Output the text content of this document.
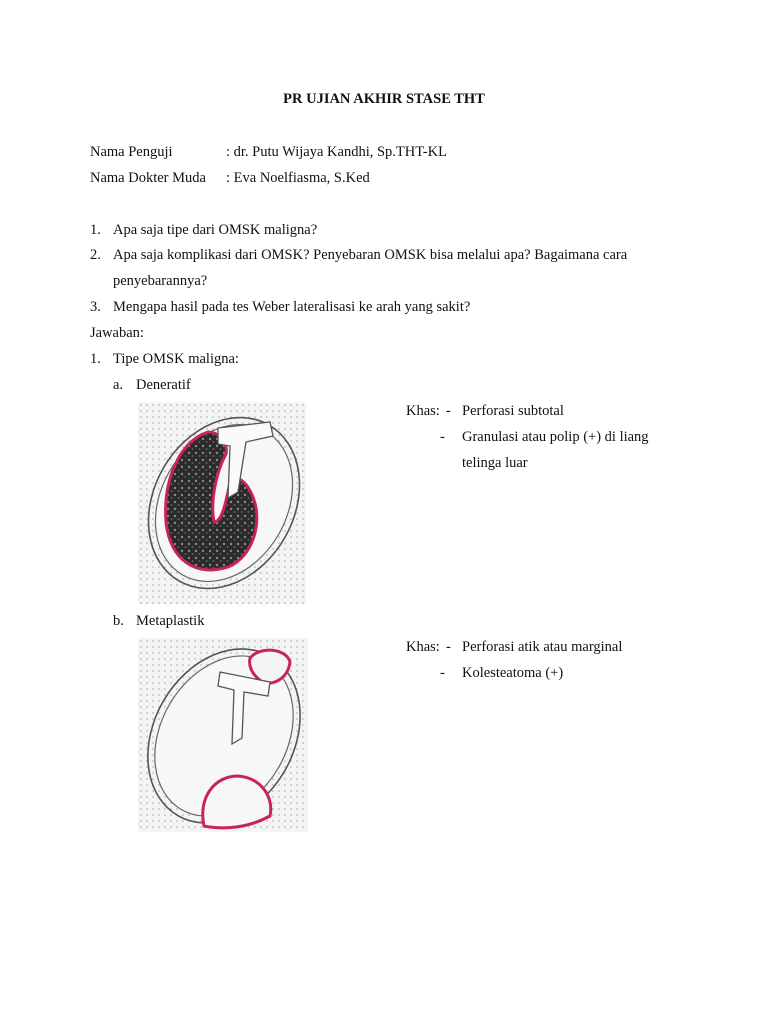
PR UJIAN AKHIR STASE THT
Nama Penguji	: dr. Putu Wijaya Kandhi, Sp.THT-KL
Nama Dokter Muda : Eva Noelfiasma, S.Ked
1. Apa saja tipe dari OMSK maligna?
2. Apa saja komplikasi dari OMSK? Penyebaran OMSK bisa melalui apa? Bagaimana cara
penyebarannya?
3. Mengapa hasil pada tes Weber lateralisasi ke arah yang sakit?
Jawaban:
1. Tipe OMSK maligna:
a. Deneratif
Khas: - Perforasi subtotal
- Granulasi atau polip (+) di liang
telinga luar
b. Metaplastik
Khas: - Perforasi atik atau marginal
- Kolesteatoma (+)
